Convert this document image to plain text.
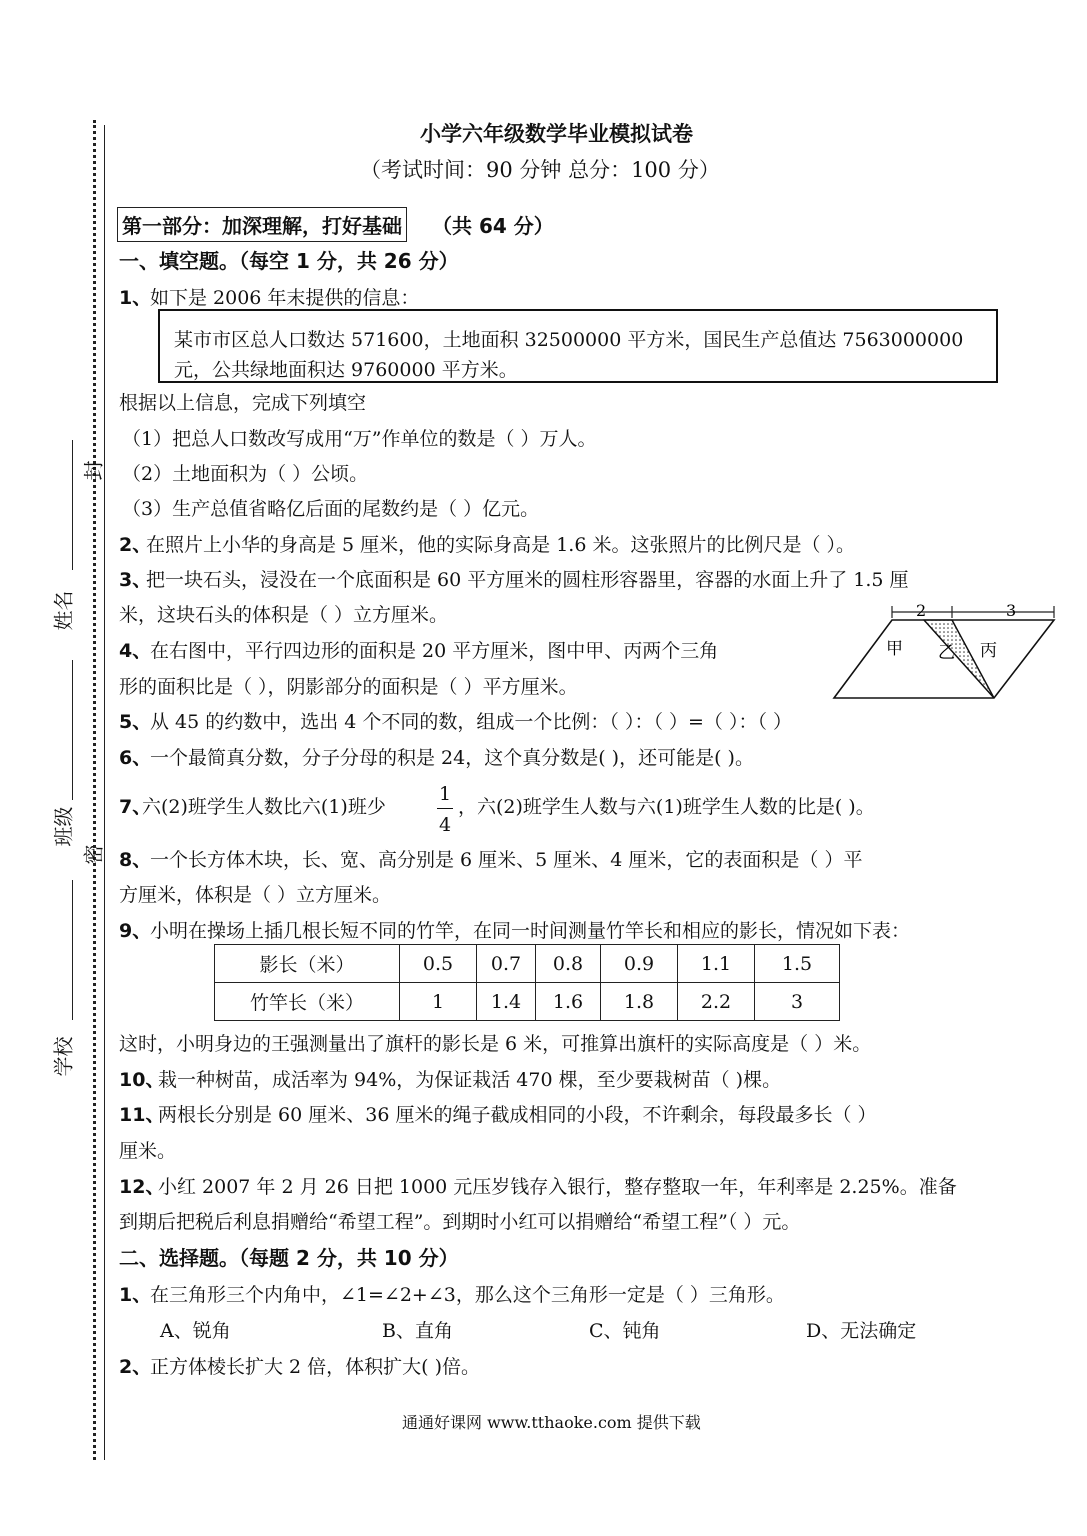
封
密
姓名
班级
学校
小学六年级数学毕业模拟试卷
（考试时间：90 分钟 总分：100 分）
第一部分：加深理解，打好基础 （共 64 分）
一、填空题。（每空 1 分，共 26 分）
1、
如下是 2006 年末提供的信息：
某市市区总人口数达 571600，土地面积 32500000 平方米，国民生产总值达 7563000000
元，公共绿地面积达 9760000 平方米。
根据以上信息，完成下列填空
（1）把总人口数改写成用“万”作单位的数是（ ）万人。
（2）土地面积为（ ）公顷。
（3）生产总值省略亿后面的尾数约是（ ）亿元。
2、
在照片上小华的身高是 5 厘米，他的实际身高是 1.6 米。这张照片的比例尺是（ ）。
3、
把一块石头，浸没在一个底面积是 60 平方厘米的圆柱形容器里，容器的水面上升了 1.5 厘
米，这块石头的体积是（ ）立方厘米。
4、
在右图中，平行四边形的面积是 20 平方厘米，图中甲、丙两个三角
形的面积比是（ ），阴影部分的面积是（ ）平方厘米。
2	3
甲 乙 丙
5、
从 45 的约数中，选出 4 个不同的数，组成一个比例：（ ）：（ ）=（ ）：（ ）
6、
一个最简真分数，分子分母的积是 24，这个真分数是( )，还可能是( )。
7、
六(2)班学生人数比六(1)班少
1
4
，六(2)班学生人数与六(1)班学生人数的比是( )。
8、
一个长方体木块，长、宽、高分别是 6 厘米、5 厘米、4 厘米，它的表面积是（ ）平
方厘米，体积是（ ）立方厘米。
9、
小明在操场上插几根长短不同的竹竿，在同一时间测量竹竿长和相应的影长，情况如下表：
影长（米）	0.5	0.7	0.8	0.9	1.1	1.5
竹竿长（米）	1	1.4	1.6	1.8	2.2	3
这时，小明身边的王强测量出了旗杆的影长是 6 米，可推算出旗杆的实际高度是（ ）米。
10、
栽一种树苗，成活率为 94%，为保证栽活 470 棵，至少要栽树苗（ )棵。
11、
两根长分别是 60 厘米、36 厘米的绳子截成相同的小段，不许剩余，每段最多长（ ）
厘米。
12、
小红 2007 年 2 月 26 日把 1000 元压岁钱存入银行，整存整取一年，年利率是 2.25%。准备
到期后把税后利息捐赠给“希望工程”。到期时小红可以捐赠给“希望工程”（ ）元。
二、选择题。（每题 2 分，共 10 分）
1、
在三角形三个内角中，∠1=∠2+∠3，那么这个三角形一定是（ ）三角形。
A、锐角	B、直角	C、钝角	D、无法确定
2、
正方体棱长扩大 2 倍，体积扩大( )倍。
通通好课网 www.tthaoke.com 提供下载
